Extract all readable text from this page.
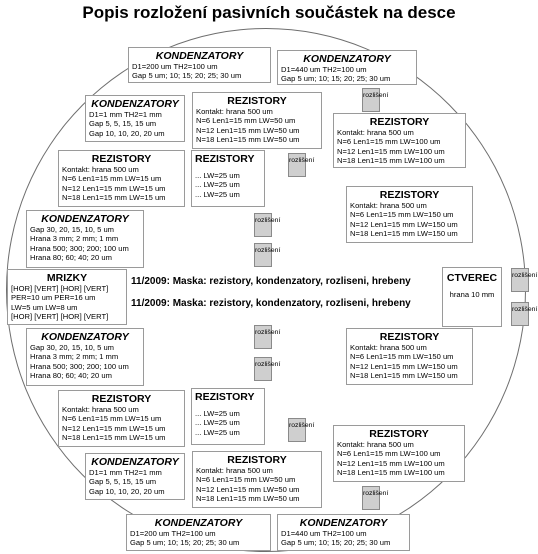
Popis rozložení pasivních součástek na desce
KONDENZATORY
D1=200 um TH2=100 um
Gap 5 um; 10; 15; 20; 25; 30 um
KONDENZATORY
D1=440 um TH2=100 um
Gap 5 um; 10; 15; 20; 25; 30 um
KONDENZATORY
D1=1 mm TH2=1 mm
Gap 5, 5, 15, 15 um
Gap 10, 10, 20, 20 um
REZISTORY
Kontakt: hrana 500 um
N=6 Len1=15 mm LW=50 um
N=12 Len1=15 mm LW=50 um
N=18 Len1=15 mm LW=50 um
REZISTORY
Kontakt: hrana 500 um
N=6 Len1=15 mm LW=100 um
N=12 Len1=15 mm LW=100 um
N=18 Len1=15 mm LW=100 um
REZISTORY
Kontakt: hrana 500 um
N=6 Len1=15 mm LW=15 um
N=12 Len1=15 mm LW=15 um
N=18 Len1=15 mm LW=15 um
REZISTORY
... LW=25 um
... LW=25 um
... LW=25 um	REZISTORY
Kontakt: hrana 500 um
N=6 Len1=15 mm LW=150 um
N=12 Len1=15 mm LW=150 um
N=18 Len1=15 mm LW=150 um
KONDENZATORY
Gap 30, 20, 15, 10, 5 um
Hrana 3 mm; 2 mm; 1 mm
Hrana 500; 300; 200; 100 um
Hrana 80; 60; 40; 20 um
MRIZKY
[HOR] [VERT] [HOR] [VERT]
PER=10 um PER=16 um
LW=5 um LW=8 um
[HOR] [VERT] [HOR] [VERT]
11/2009: Maska: rezistory, kondenzatory, rozliseni, hrebeny
11/2009: Maska: rezistory, kondenzatory, rozliseni, hrebeny
CTVEREC
hrana 10 mm
KONDENZATORY
Gap 30, 20, 15, 10, 5 um
Hrana 3 mm; 2 mm; 1 mm
Hrana 500; 300; 200; 100 um
Hrana 80; 60; 40; 20 um
REZISTORY
Kontakt: hrana 500 um
N=6 Len1=15 mm LW=150 um
N=12 Len1=15 mm LW=150 um
N=18 Len1=15 mm LW=150 um
REZISTORY
Kontakt: hrana 500 um
N=6 Len1=15 mm LW=15 um
N=12 Len1=15 mm LW=15 um
N=18 Len1=15 mm LW=15 um
REZISTORY
... LW=25 um
... LW=25 um
... LW=25 um	REZISTORY
Kontakt: hrana 500 um
N=6 Len1=15 mm LW=100 um
N=12 Len1=15 mm LW=100 um
N=18 Len1=15 mm LW=100 um
KONDENZATORY
D1=1 mm TH2=1 mm
Gap 5, 5, 15, 15 um
Gap 10, 10, 20, 20 um
REZISTORY
Kontakt: hrana 500 um
N=6 Len1=15 mm LW=50 um
N=12 Len1=15 mm LW=50 um
N=18 Len1=15 mm LW=50 um
KONDENZATORY
D1=200 um TH2=100 um
Gap 5 um; 10; 15; 20; 25; 30 um
KONDENZATORY
D1=440 um TH2=100 um
Gap 5 um; 10; 15; 20; 25; 30 um
rozlišení
rozlišení
rozlišení
rozlišení
rozlišení
rozlišení
rozlišení
rozlišení
rozlišení
rozlišení
